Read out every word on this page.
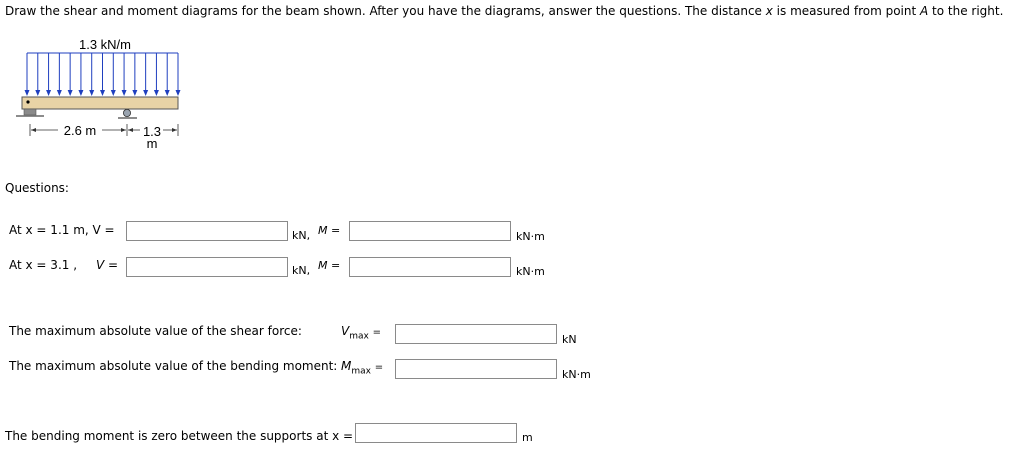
Draw the shear and moment diagrams for the beam shown. After you have the diagrams, answer the questions. The distance x is measured from point A to the right.
1.3 kN/m
2.6 m	1.3
m
Questions:
At x = 1.1 m, V =	kN, M =	kN·m
At x = 3.1 , V =	kN, M =	kN·m
The maximum absolute value of the shear force:	$V_{max}$ =
kN
The maximum absolute value of the bending moment: $M_{max}$ =
kN·m
The bending moment is zero between the supports at x =	m
